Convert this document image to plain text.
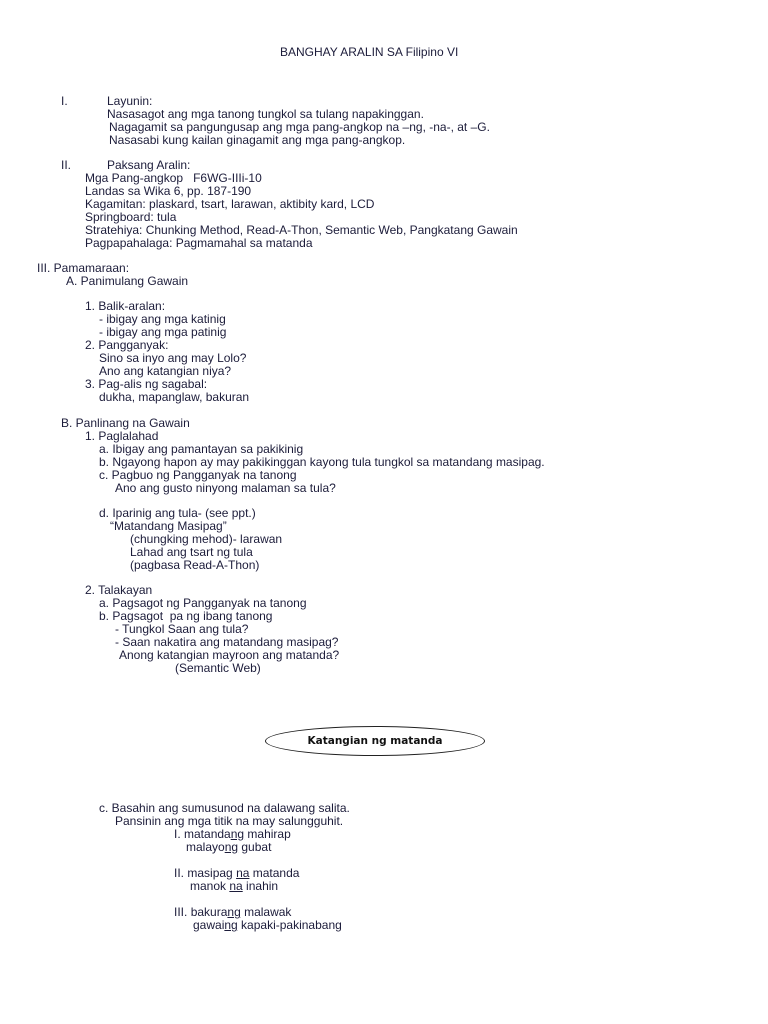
BANGHAY ARALIN SA Filipino VI
I.	Layunin:
Nasasagot ang mga tanong tungkol sa tulang napakinggan.
Nagagamit sa pangungusap ang mga pang-angkop na –ng, -na-, at –G.
Nasasabi kung kailan ginagamit ang mga pang-angkop.
II.	Paksang Aralin:
Mga Pang-angkop   F6WG-IIIi-10
Landas sa Wika 6, pp. 187-190
Kagamitan: plaskard, tsart, larawan, aktibity kard, LCD
Springboard: tula
Stratehiya: Chunking Method, Read-A-Thon, Semantic Web, Pangkatang Gawain
Pagpapahalaga: Pagmamahal sa matanda
III. Pamamaraan:
A. Panimulang Gawain
1. Balik-aralan:
- ibigay ang mga katinig
- ibigay ang mga patinig
2. Pangganyak:
Sino sa inyo ang may Lolo?
Ano ang katangian niya?
3. Pag-alis ng sagabal:
dukha, mapanglaw, bakuran
B. Panlinang na Gawain
1. Paglalahad
a. Ibigay ang pamantayan sa pakikinig
b. Ngayong hapon ay may pakikinggan kayong tula tungkol sa matandang masipag.
c. Pagbuo ng Pangganyak na tanong
Ano ang gusto ninyong malaman sa tula?
d. Iparinig ang tula- (see ppt.)
“Matandang Masipag”
(chungking mehod)- larawan
Lahad ang tsart ng tula
(pagbasa Read-A-Thon)
2. Talakayan
a. Pagsagot ng Pangganyak na tanong
b. Pagsagot  pa ng ibang tanong
- Tungkol Saan ang tula?
- Saan nakatira ang matandang masipag?
Anong katangian mayroon ang matanda?
(Semantic Web)
Katangian ng matanda
c. Basahin ang sumusunod na dalawang salita.
Pansinin ang mga titik na may salungguhit.
I. matandang mahirap
malayong gubat
II. masipag na matanda
manok na inahin
III. bakurang malawak
gawaing kapaki-pakinabang
